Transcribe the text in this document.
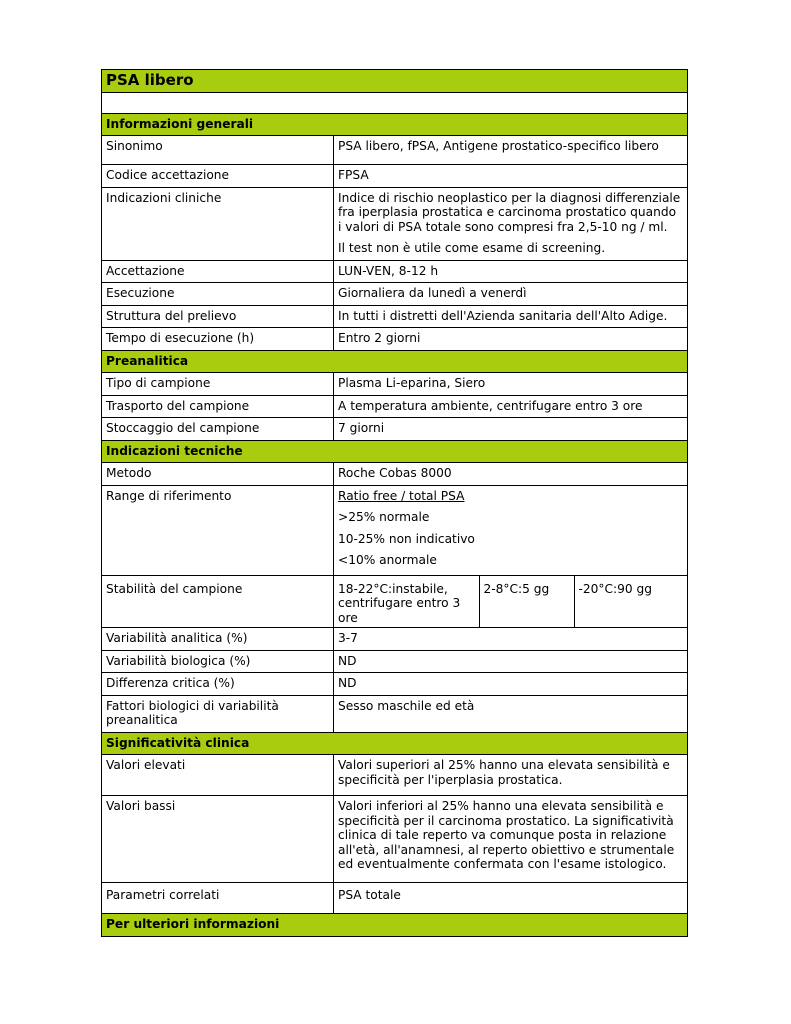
PSA libero

Informazioni generali
Sinonimo	PSA libero, fPSA, Antigene prostatico-specifico libero
Codice accettazione	FPSA
Indicazioni cliniche	Indice di rischio neoplastico per la diagnosi differenziale fra iperplasia prostatica e carcinoma prostatico quando i valori di PSA totale sono compresi fra 2,5-10 ng / ml.

Il test non è utile come esame di screening.

Accettazione	LUN-VEN, 8-12 h
Esecuzione	Giornaliera da lunedì a venerdì
Struttura del prelievo	In tutti i distretti dell'Azienda sanitaria dell'Alto Adige.
Tempo di esecuzione (h)	Entro 2 giorni
Preanalitica
Tipo di campione	Plasma Li-eparina, Siero
Trasporto del campione	A temperatura ambiente, centrifugare entro 3 ore
Stoccaggio del campione	7 giorni
Indicazioni tecniche
Metodo	Roche Cobas 8000
Range di riferimento	Ratio free / total PSA

>25% normale

10-25% non indicativo

<10% anormale

Stabilità del campione		18-22°C:instabile, centrifugare entro 3 ore	2-8°C:5 gg	-20°C:90 gg

Variabilità analitica (%)	3-7
Variabilità biologica (%)	ND
Differenza critica (%)	ND
Fattori biologici di variabilità preanalitica	Sesso maschile ed età
Significatività clinica
Valori elevati	Valori superiori al 25% hanno una elevata sensibilità e specificità per l'iperplasia prostatica.
Valori bassi	Valori inferiori al 25% hanno una elevata sensibilità e specificità per il carcinoma prostatico. La significatività clinica di tale reperto va comunque posta in relazione all'età, all'anamnesi, al reperto obiettivo e strumentale ed eventualmente confermata con l'esame istologico.
Parametri correlati	PSA totale
Per ulteriori informazioni
